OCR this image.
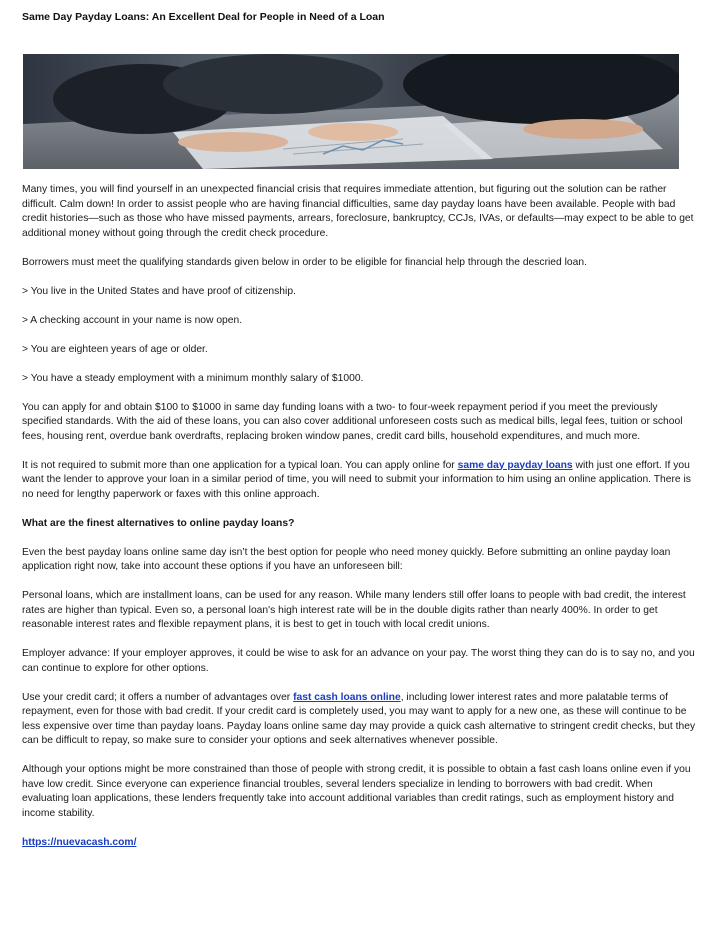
Same Day Payday Loans: An Excellent Deal for People in Need of a Loan

Many times, you will find yourself in an unexpected financial crisis that requires immediate attention, but figuring out the solution can be rather difficult. Calm down! In order to assist people who are having financial difficulties, same day payday loans have been available. People with bad credit histories—such as those who have missed payments, arrears, foreclosure, bankruptcy, CCJs, IVAs, or defaults—may expect to be able to get additional money without going through the credit check procedure.

Borrowers must meet the qualifying standards given below in order to be eligible for financial help through the descried loan.

> You live in the United States and have proof of citizenship.

> A checking account in your name is now open.

> You are eighteen years of age or older.

> You have a steady employment with a minimum monthly salary of $1000.

You can apply for and obtain $100 to $1000 in same day funding loans with a two- to four-week repayment period if you meet the previously specified standards. With the aid of these loans, you can also cover additional unforeseen costs such as medical bills, legal fees, tuition or school fees, housing rent, overdue bank overdrafts, replacing broken window panes, credit card bills, household expenditures, and much more.

It is not required to submit more than one application for a typical loan. You can apply online for same day payday loans with just one effort. If you want the lender to approve your loan in a similar period of time, you will need to submit your information to him using an online application. There is no need for lengthy paperwork or faxes with this online approach.

What are the finest alternatives to online payday loans?

Even the best payday loans online same day isn’t the best option for people who need money quickly. Before submitting an online payday loan application right now, take into account these options if you have an unforeseen bill:

Personal loans, which are installment loans, can be used for any reason. While many lenders still offer loans to people with bad credit, the interest rates are higher than typical. Even so, a personal loan's high interest rate will be in the double digits rather than nearly 400%. In order to get reasonable interest rates and flexible repayment plans, it is best to get in touch with local credit unions.

Employer advance: If your employer approves, it could be wise to ask for an advance on your pay. The worst thing they can do is to say no, and you can continue to explore for other options.

Use your credit card; it offers a number of advantages over fast cash loans online, including lower interest rates and more palatable terms of repayment, even for those with bad credit. If your credit card is completely used, you may want to apply for a new one, as these will continue to be less expensive over time than payday loans. Payday loans online same day may provide a quick cash alternative to stringent credit checks, but they can be difficult to repay, so make sure to consider your options and seek alternatives whenever possible.

Although your options might be more constrained than those of people with strong credit, it is possible to obtain a fast cash loans online even if you have low credit. Since everyone can experience financial troubles, several lenders specialize in lending to borrowers with bad credit. When evaluating loan applications, these lenders frequently take into account additional variables than credit ratings, such as employment history and income stability.

https://nuevacash.com/
